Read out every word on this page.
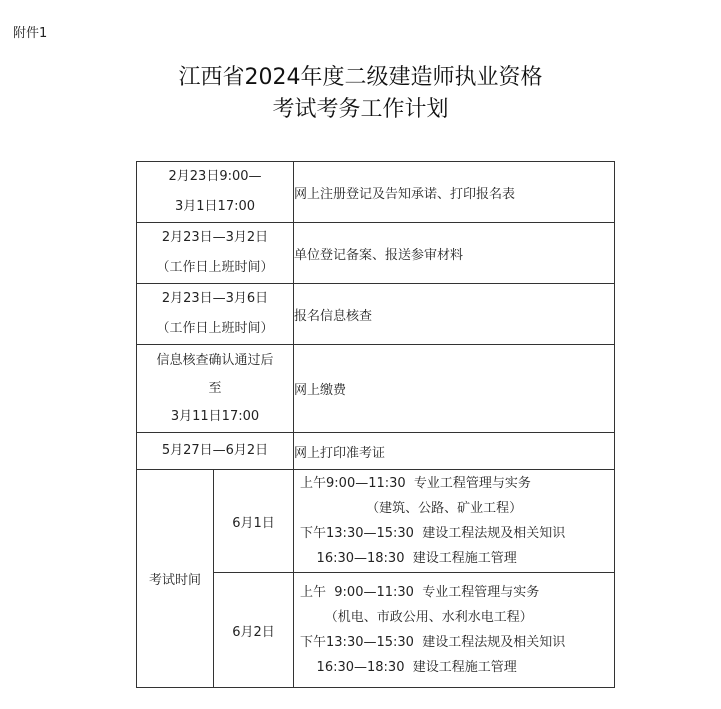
附件1
江西省2024年度二级建造师执业资格
考试考务工作计划
2月23日9:00—
3月1日17:00		网上注册登记及告知承诺、打印报名表

2月23日—3月2日
（工作日上班时间）		单位登记备案、报送参审材料

2月23日—3月6日
（工作日上班时间）		报名信息核查

信息核查确认通过后
至
3月11日17:00		网上缴费

5月27日—6月2日		网上打印准考证
考试时间	6月1日	上午9:00—11:30  专业工程管理与实务
（建筑、公路、矿业工程）
下午13:30—15:30  建设工程法规及相关知识
16:30—18:30  建设工程施工管理

	6月2日	上午  9:00—11:30  专业工程管理与实务
（机电、市政公用、水利水电工程）
下午13:30—15:30  建设工程法规及相关知识
16:30—18:30  建设工程施工管理
